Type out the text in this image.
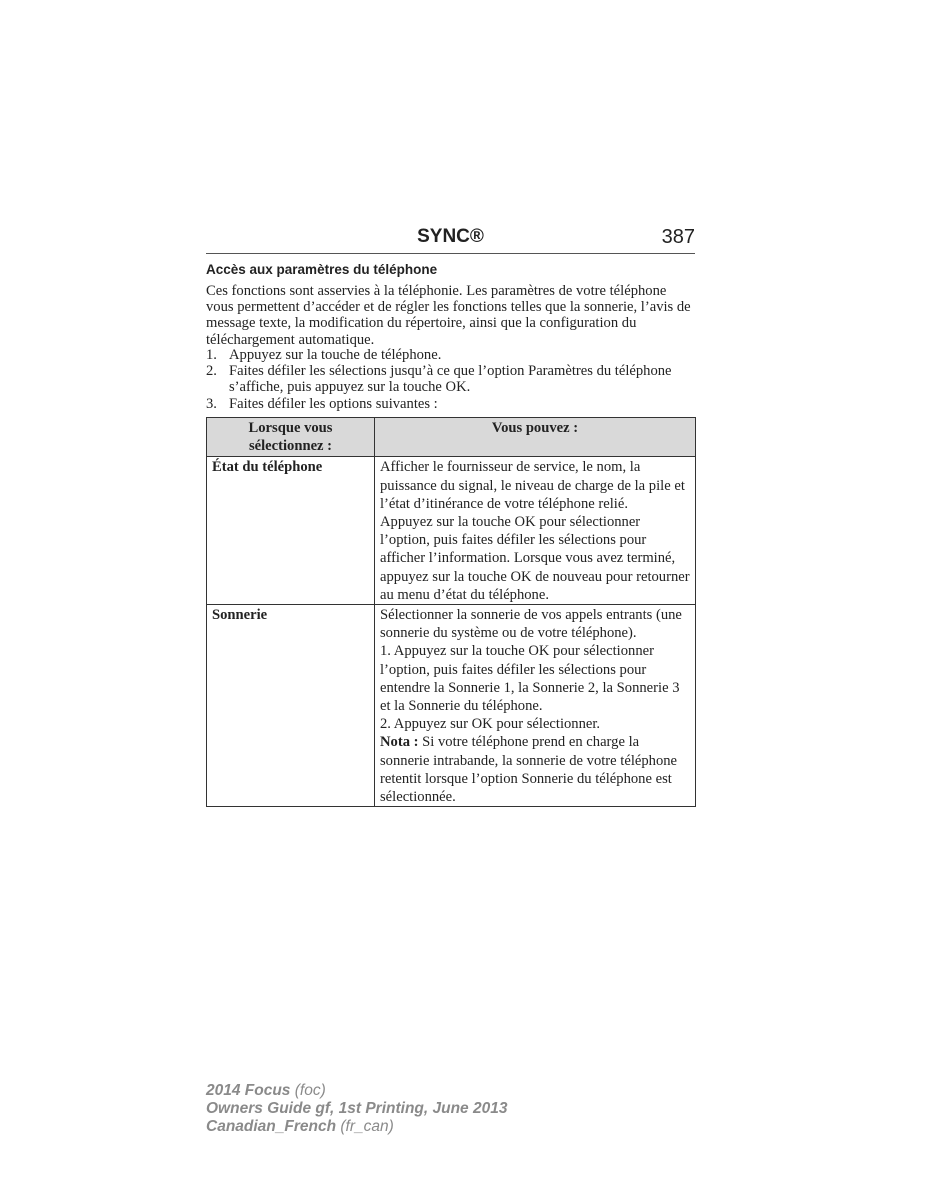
SYNC®	387
Accès aux paramètres du téléphone
Ces fonctions sont asservies à la téléphonie. Les paramètres de votre téléphone vous permettent d’accéder et de régler les fonctions telles que la sonnerie, l’avis de message texte, la modification du répertoire, ainsi que la configuration du téléchargement automatique.
1. Appuyez sur la touche de téléphone.
2. Faites défiler les sélections jusqu’à ce que l’option Paramètres du téléphone s’affiche, puis appuyez sur la touche OK.
3. Faites défiler les options suivantes :
Lorsque vous sélectionnez :	Vous pouvez :
État du téléphone	Afficher le fournisseur de service, le nom, la puissance du signal, le niveau de charge de la pile et l’état d’itinérance de votre téléphone relié.
Appuyez sur la touche OK pour sélectionner l’option, puis faites défiler les sélections pour afficher l’information. Lorsque vous avez terminé, appuyez sur la touche OK de nouveau pour retourner au menu d’état du téléphone.

Sonnerie	Sélectionner la sonnerie de vos appels entrants (une sonnerie du système ou de votre téléphone).
1. Appuyez sur la touche OK pour sélectionner l’option, puis faites défiler les sélections pour entendre la Sonnerie 1, la Sonnerie 2, la Sonnerie 3 et la Sonnerie du téléphone.
2. Appuyez sur OK pour sélectionner.
Nota : Si votre téléphone prend en charge la sonnerie intrabande, la sonnerie de votre téléphone retentit lorsque l’option Sonnerie du téléphone est sélectionnée.
2014 Focus (foc)
Owners Guide gf, 1st Printing, June 2013
Canadian_French (fr_can)
